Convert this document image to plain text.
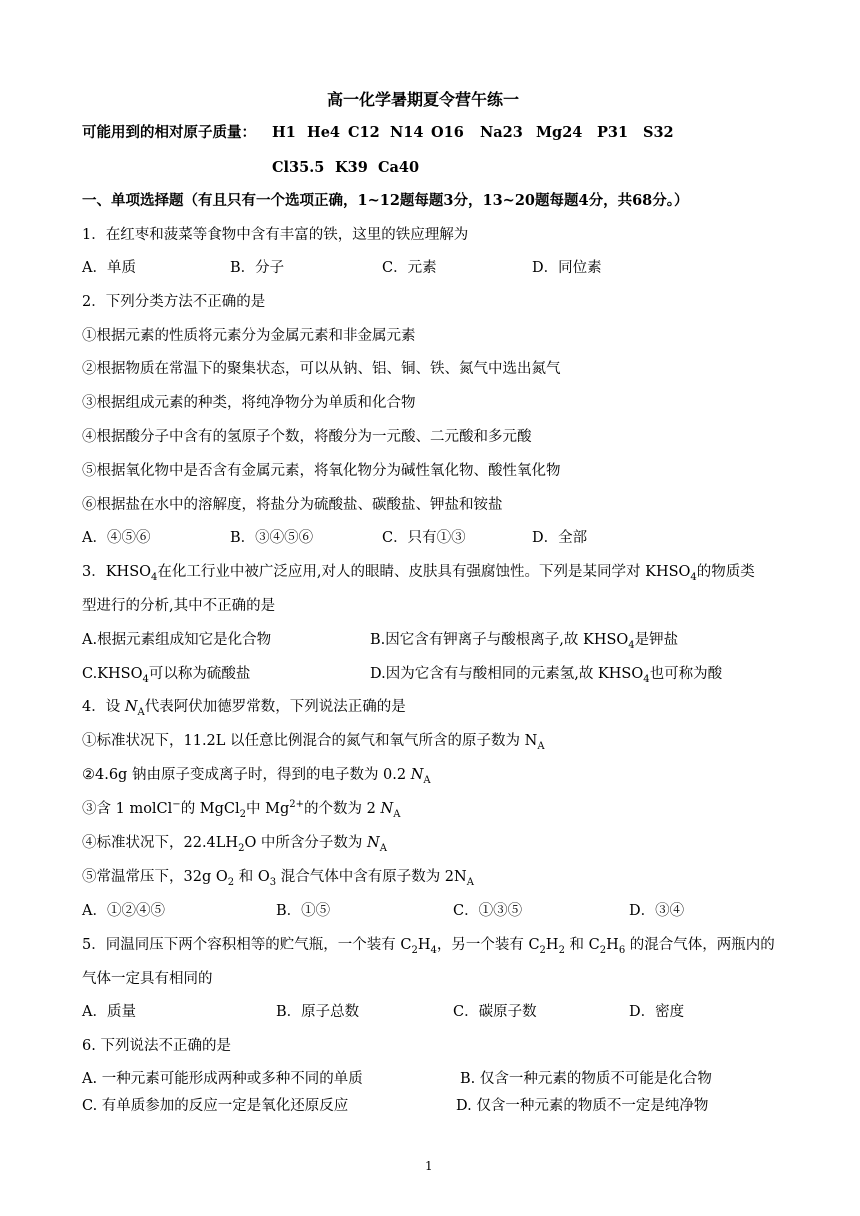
高一化学暑期夏令营午练一
可能用到的相对原子质量： H1 He4 C12 N14 O16 Na23 Mg24 P31 S32
Cl35.5 K39 Ca40
一、单项选择题（有且只有一个选项正确，1~12题每题3分，13~20题每题4分，共68分。）
1．在红枣和菠菜等食物中含有丰富的铁，这里的铁应理解为
A．单质	B．分子	C．元素	D．同位素
2．下列分类方法不正确的是
①根据元素的性质将元素分为金属元素和非金属元素
②根据物质在常温下的聚集状态，可以从钠、铝、铜、铁、氮气中选出氮气
③根据组成元素的种类，将纯净物分为单质和化合物
④根据酸分子中含有的氢原子个数，将酸分为一元酸、二元酸和多元酸
⑤根据氧化物中是否含有金属元素，将氧化物分为碱性氧化物、酸性氧化物
⑥根据盐在水中的溶解度，将盐分为硫酸盐、碳酸盐、钾盐和铵盐
A．④⑤⑥	B．③④⑤⑥	C．只有①③	D．全部
3．$KHSO_4$在化工行业中被广泛应用,对人的眼睛、皮肤具有强腐蚀性。下列是某同学对 $KHSO_4$的物质类
型进行的分析,其中不正确的是
A.根据元素组成知它是化合物	B.因它含有钾离子与酸根离子,故 $KHSO_4$是钾盐
$C.KHSO_4$可以称为硫酸盐	D.因为它含有与酸相同的元素氢,故 $KHSO_4$也可称为酸
4．设 $N_A$代表阿伏加德罗常数，下列说法正确的是
①标准状况下，11.2L 以任意比例混合的氮气和氧气所含的原子数为 $N_A$
②4.6g 钠由原子变成离子时，得到的电子数为 0.2 $N_A$
③含 1 molCl−的 MgCl$_2$中 $Mg^{2+}$的个数为 2 $N_A$
④标准状况下，$22.4LH_2O$ 中所含分子数为 $N_A$
⑤常温常压下，32g $O_2$ 和 $O_3$ 混合气体中含有原子数为 $2N_A$
A．①②④⑤	B．①⑤	C．①③⑤	D．③④
5．同温同压下两个容积相等的贮气瓶，一个装有 $C_2H_4$，另一个装有 $C_2H_2$ 和 $C_2H_6$ 的混合气体，两瓶内的
气体一定具有相同的
A．质量	B．原子总数	C．碳原子数	D．密度
6. 下列说法不正确的是
A. 一种元素可能形成两种或多种不同的单质	B. 仅含一种元素的物质不可能是化合物
C. 有单质参加的反应一定是氧化还原反应	D. 仅含一种元素的物质不一定是纯净物
1
